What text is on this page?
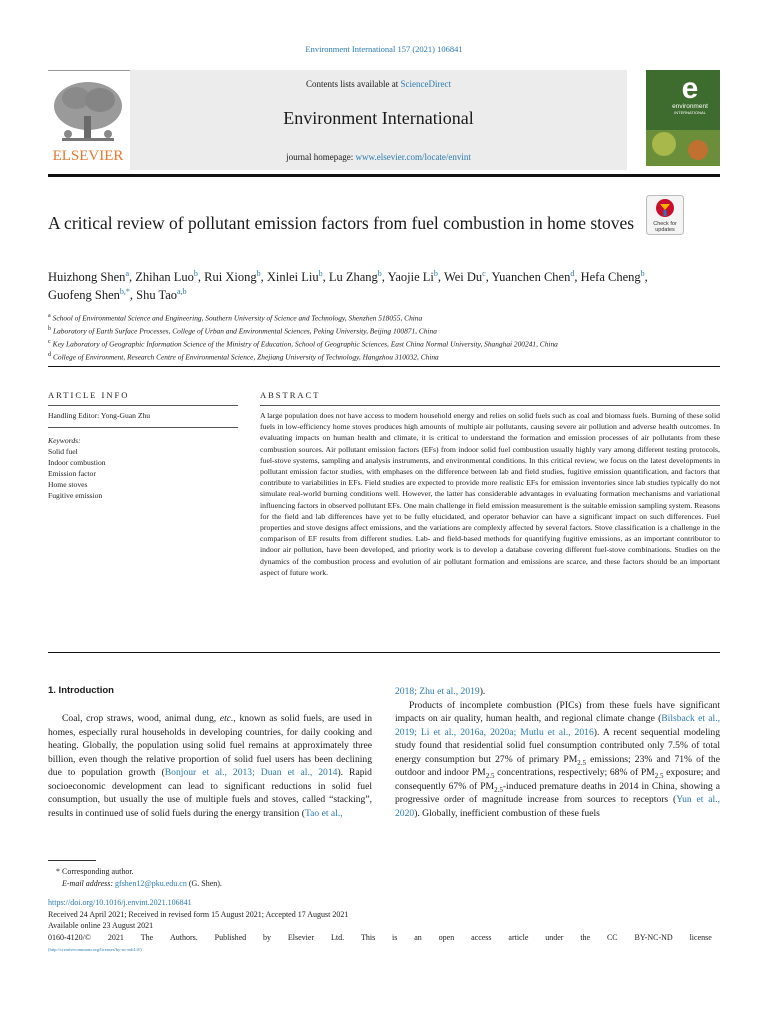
Environment International 157 (2021) 106841
ELSEVIER
Contents lists available at ScienceDirect
Environment International
journal homepage: www.elsevier.com/locate/envint
e
environment
INTERNATIONAL
Check for
updates
A critical review of pollutant emission factors from fuel combustion in home stoves
Huizhong Shen$^a$, Zhihan Luo$^b$, Rui Xiong$^b$, Xinlei Liu$^b$, Lu Zhang$^b$, Yaojie Li$^b$, Wei Du$^c$, Yuanchen Chen$^d$, Hefa Cheng$^b$, Guofeng Shen$^{b,*}$, Shu Tao$^{a,b}$
$^a$ School of Environmental Science and Engineering, Southern University of Science and Technology, Shenzhen 518055, China
$^b$ Laboratory of Earth Surface Processes, College of Urban and Environmental Sciences, Peking University, Beijing 100871, China
$^c$ Key Laboratory of Geographic Information Science of the Ministry of Education, School of Geographic Sciences, East China Normal University, Shanghai 200241, China
$^d$ College of Environment, Research Centre of Environmental Science, Zhejiang University of Technology, Hangzhou 310032, China
ARTICLE INFO
Handling Editor: Yong-Guan Zhu
Keywords:
Solid fuel
Indoor combustion
Emission factor
Home stoves
Fugitive emission
ABSTRACT
A large population does not have access to modern household energy and relies on solid fuels such as coal and biomass fuels. Burning of these solid fuels in low-efficiency home stoves produces high amounts of multiple air pollutants, causing severe air pollution and adverse health outcomes. In evaluating impacts on human health and climate, it is critical to understand the formation and emission processes of air pollutants from these combustion sources. Air pollutant emission factors (EFs) from indoor solid fuel combustion usually highly vary among different testing protocols, fuel-stove systems, sampling and analysis instruments, and environmental conditions. In this critical review, we focus on the latest developments in pollutant emission factor studies, with emphases on the difference between lab and field studies, fugitive emission quantification, and factors that contribute to variabilities in EFs. Field studies are expected to provide more realistic EFs for emission inventories since lab studies typically do not simulate real-world burning conditions well. However, the latter has considerable advantages in evaluating formation mechanisms and variational influencing factors in observed pollutant EFs. One main challenge in field emission measurement is the suitable emission sampling system. Reasons for the field and lab differences have yet to be fully elucidated, and operator behavior can have a significant impact on such differences. Fuel properties and stove designs affect emissions, and the variations are complexly affected by several factors. Stove classification is a challenge in the comparison of EF results from different studies. Lab- and field-based methods for quantifying fugitive emissions, as an important contributor to indoor air pollution, have been developed, and priority work is to develop a database covering different fuel-stove combinations. Studies on the dynamics of the combustion process and evolution of air pollutant formation and emissions are scarce, and these factors should be an important aspect of future work.
1. Introduction
Coal, crop straws, wood, animal dung, etc., known as solid fuels, are used in homes, especially rural households in developing countries, for daily cooking and heating. Globally, the population using solid fuel remains at approximately three billion, even though the relative proportion of solid fuel users has been declining due to population growth (Bonjour et al., 2013; Duan et al., 2014). Rapid socioeconomic development can lead to significant reductions in solid fuel consumption, but usually the use of multiple fuels and stoves, called “stacking”, results in continued use of solid fuels during the energy transition (Tao et al.,
2018; Zhu et al., 2019).
Products of incomplete combustion (PICs) from these fuels have significant impacts on air quality, human health, and regional climate change (Bilsback et al., 2019; Li et al., 2016a, 2020a; Mutlu et al., 2016). A recent sequential modeling study found that residential solid fuel consumption contributed only 7.5% of total energy consumption but 27% of primary $PM_{2.5}$ emissions; 23% and 71% of the outdoor and indoor $PM_{2.5}$ concentrations, respectively; 68% of $PM_{2.5}$ exposure; and consequently 67% of $PM_{2.5}$-induced premature deaths in 2014 in China, showing a progressive order of magnitude increase from sources to receptors (Yun et al., 2020). Globally, inefficient combustion of these fuels
* Corresponding author.
E-mail address: gfshen12@pku.edu.cn (G. Shen).
https://doi.org/10.1016/j.envint.2021.106841
Received 24 April 2021; Received in revised form 15 August 2021; Accepted 17 August 2021
Available online 23 August 2021
0160-4120/© 2021 The Authors. Published by Elsevier Ltd. This is an open access article under the CC BY-NC-ND license
(http://creativecommons.org/licenses/by-nc-nd/4.0/)
